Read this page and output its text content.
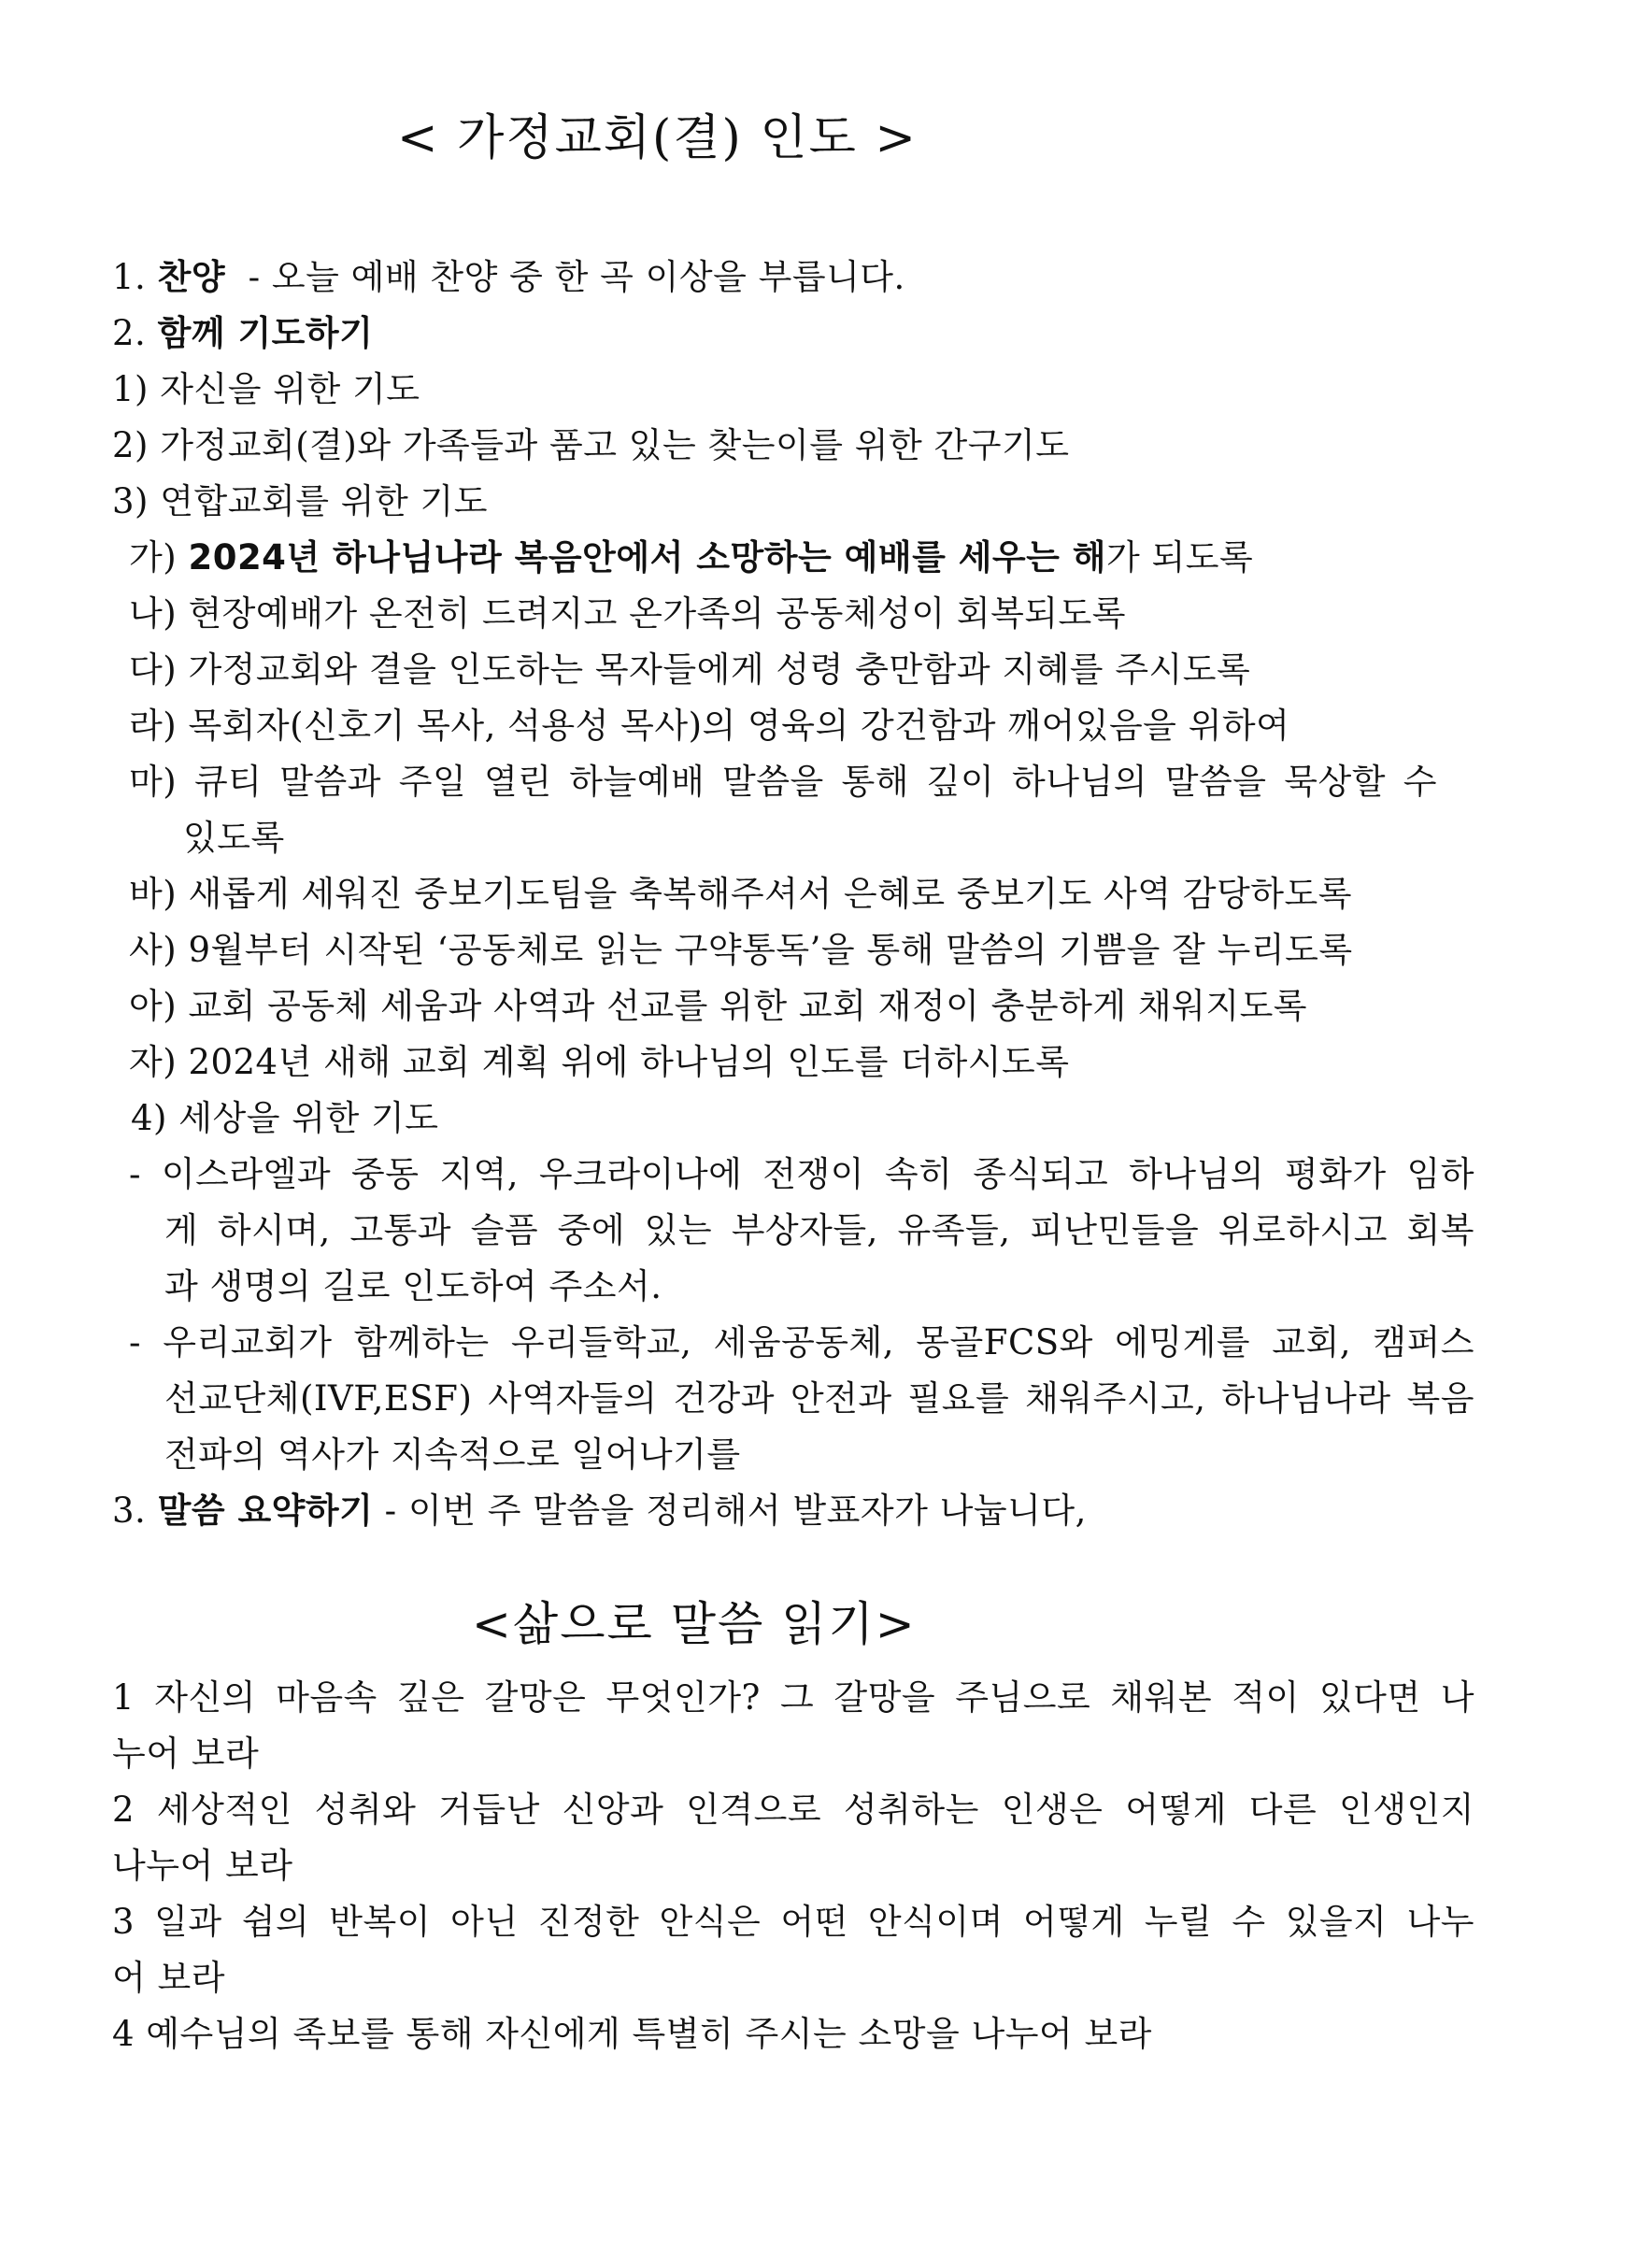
< 가정교회(결) 인도 >
1. 찬양  - 오늘 예배 찬양 중 한 곡 이상을 부릅니다.
2. 함께 기도하기
1) 자신을 위한 기도
2) 가정교회(결)와 가족들과 품고 있는 찾는이를 위한 간구기도
3) 연합교회를 위한 기도
가) 2024년 하나님나라 복음안에서 소망하는 예배를 세우는 해가 되도록
나) 현장예배가 온전히 드려지고 온가족의 공동체성이 회복되도록
다) 가정교회와 결을 인도하는 목자들에게 성령 충만함과 지혜를 주시도록
라) 목회자(신호기 목사, 석용성 목사)의 영육의 강건함과 깨어있음을 위하여
마) 큐티 말씀과 주일 열린 하늘예배 말씀을 통해 깊이 하나님의 말씀을 묵상할 수
있도록
바) 새롭게 세워진 중보기도팀을 축복해주셔서 은혜로 중보기도 사역 감당하도록
사) 9월부터 시작된 ‘공동체로 읽는 구약통독’을 통해 말씀의 기쁨을 잘 누리도록
아) 교회 공동체 세움과 사역과 선교를 위한 교회 재정이 충분하게 채워지도록
자) 2024년 새해 교회 계획 위에 하나님의 인도를 더하시도록
4) 세상을 위한 기도
- 이스라엘과 중동 지역, 우크라이나에 전쟁이 속히 종식되고 하나님의 평화가 임하
게 하시며, 고통과 슬픔 중에 있는 부상자들, 유족들, 피난민들을 위로하시고 회복
과 생명의 길로 인도하여 주소서.
- 우리교회가 함께하는 우리들학교, 세움공동체, 몽골FCS와 에밍게를 교회, 캠퍼스
선교단체(IVF,ESF) 사역자들의 건강과 안전과 필요를 채워주시고, 하나님나라 복음
전파의 역사가 지속적으로 일어나기를
3. 말씀 요약하기 - 이번 주 말씀을 정리해서 발표자가 나눕니다,
<삶으로 말씀 읽기>
1 자신의 마음속 깊은 갈망은 무엇인가? 그 갈망을 주님으로 채워본 적이 있다면 나
누어 보라
2 세상적인 성취와 거듭난 신앙과 인격으로 성취하는 인생은 어떻게 다른 인생인지
나누어 보라
3 일과 쉼의 반복이 아닌 진정한 안식은 어떤 안식이며 어떻게 누릴 수 있을지 나누
어 보라
4 예수님의 족보를 통해 자신에게 특별히 주시는 소망을 나누어 보라
